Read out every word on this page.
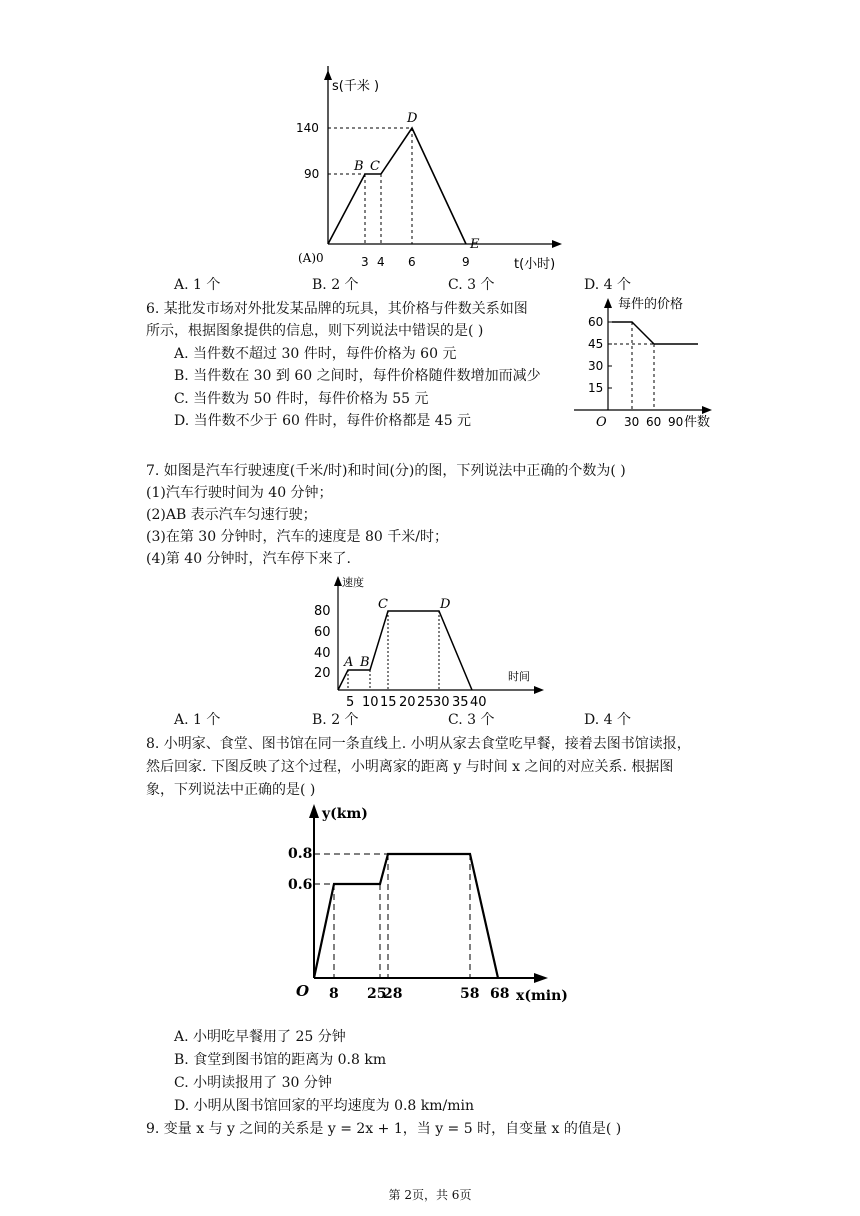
s(千米 )
140
90
(A)0	3 4 6	9	t(小时)
B C
D
E
A. 1 个	B. 2 个	C. 3 个	D. 4 个
6. 某批发市场对外批发某品牌的玩具，其价格与件数关系如图
所示，根据图象提供的信息，则下列说法中错误的是( )
A. 当件数不超过 30 件时，每件价格为 60 元
B. 当件数在 30 到 60 之间时，每件价格随件数增加而减少
C. 当件数为 50 件时，每件价格为 55 元
D. 当件数不少于 60 件时，每件价格都是 45 元
每件的价格
60
45
30
15
O 30 60 90 件数
7. 如图是汽车行驶速度(千米/时)和时间(分)的图，下列说法中正确的个数为( )
(1)汽车行驶时间为 40 分钟；
(2)AB 表示汽车匀速行驶；
(3)在第 30 分钟时，汽车的速度是 80 千米/时；
(4)第 40 分钟时，汽车停下来了.
速度
80
60
40
20
5 10 15 20 25 30 35 40
时间
A B
C	D
A. 1 个	B. 2 个	C. 3 个	D. 4 个
8. 小明家、食堂、图书馆在同一条直线上. 小明从家去食堂吃早餐，接着去图书馆读报，
然后回家. 下图反映了这个过程，小明离家的距离 y 与时间 x 之间的对应关系. 根据图
象，下列说法中正确的是( )
y(km)
0.8
0.6
O 8 25
28	58 68 x(min)
A. 小明吃早餐用了 25 分钟
B. 食堂到图书馆的距离为 0.8 km
C. 小明读报用了 30 分钟
D. 小明从图书馆回家的平均速度为 0.8 km/min
9. 变量 x 与 y 之间的关系是 y = 2x + 1，当 y = 5 时，自变量 x 的值是( )
第 2页，共 6页
